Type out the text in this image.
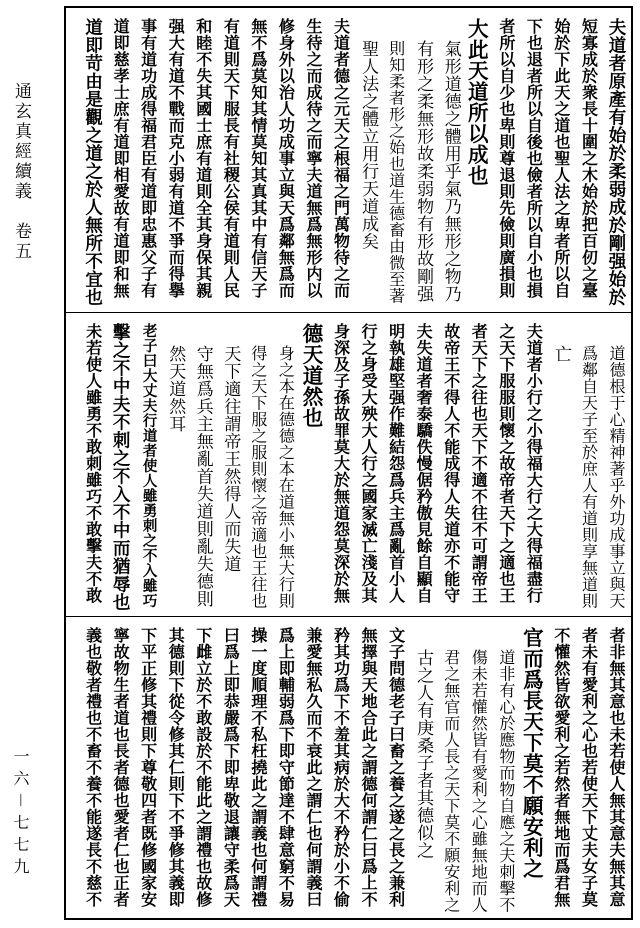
通玄真經續義　卷五
一六－七七九
夫道者原產有始於柔弱成於剛强始於
短寡成於衆長十圍之木始於把百仞之臺
始於下此天之道也聖人法之卑者所以自
下也退者所以自後也儉者所以自小也損
者所以自少也卑則尊退則先儉則廣損則
大此天道所以成也
氣形道德之體用乎氣乃無形之物乃
有形之柔無形故柔弱物有形故剛强
則知柔者形之始也道生德畜由微至著
聖人法之體立用行天道成矣
夫道者德之元天之根福之門萬物待之而
生待之而成待之而寧夫道無爲無形内以
修身外以治人功成事立與天爲鄰無爲而
無不爲莫知其情莫知其真其中有信天子
有道則天下服長有社稷公侯有道則人民
和睦不失其國士庶有道則全其身保其親
强大有道不戰而克小弱有道不爭而得擧
事有道功成得福君臣有道即忠惠父子有
道即慈孝士庶有道即相愛故有道即和無
道即苛由是觀之道之於人無所不宜也
道德根于心精神著乎外功成事立與天
爲鄰自天子至於庶人有道則享無道則
亡
夫道者小行之小得福大行之大得福盡行
之天下服服則懷之故帝者天下之適也王
者天下之往也天下不適不往不可謂帝王
故帝王不得人不能成得人失道亦不能守
夫失道者奢泰驕佚慢倨矜傲見餘自顯自
明執雄堅强作難結怨爲兵主爲亂首小人
行之身受大殃大人行之國家滅亡淺及其
身深及子孫故罪莫大於無道怨莫深於無
德天道然也
身之本在德德之本在道無小無大行則
得之天下服之服則懷之帝適也王往也
天下適往謂帝王然得人而失道
守無爲兵主無亂首失道則亂失德則
然天道然耳
老子曰大丈夫行道者使人雖勇刺之不入雖巧
擊之不中夫不刺之不入不中而猶辱也
未若使人雖勇不敢刺雖巧不敢擊夫不敢
者非無其意也未若使人無其意夫無其意
者未有愛利之心也若使天下丈夫女子莫
不懽然皆欲愛利之若然者無地而爲君無
官而爲長天下莫不願安利之
道非有心於應物而物自應之夫刺擊不
傷未若懽然皆有愛利之心雖無地而人
君之無官而人長之天下莫不願安利之
古之人有庚桑子者其德似之
文子問德老子曰畜之養之遂之長之兼利
無擇與天地合此之謂德何謂仁曰爲上不
矜其功爲下不羞其病於大不矜於小不偷
兼愛無私久而不衰此之謂仁也何謂義曰
爲上即輔弱爲下即守節達不肆意窮不易
操一度順理不私枉撓此之謂義也何謂禮
曰爲上即恭嚴爲下即卑敬退讓守柔爲天
下雌立於不敢設於不能此之謂禮也故修
其德則下從令修其仁則下不爭修其義即
下平正修其禮則下尊敬四者既修國家安
寧故物生者道也長者德也愛者仁也正者
義也敬者禮也不畜不養不能遂長不慈不
